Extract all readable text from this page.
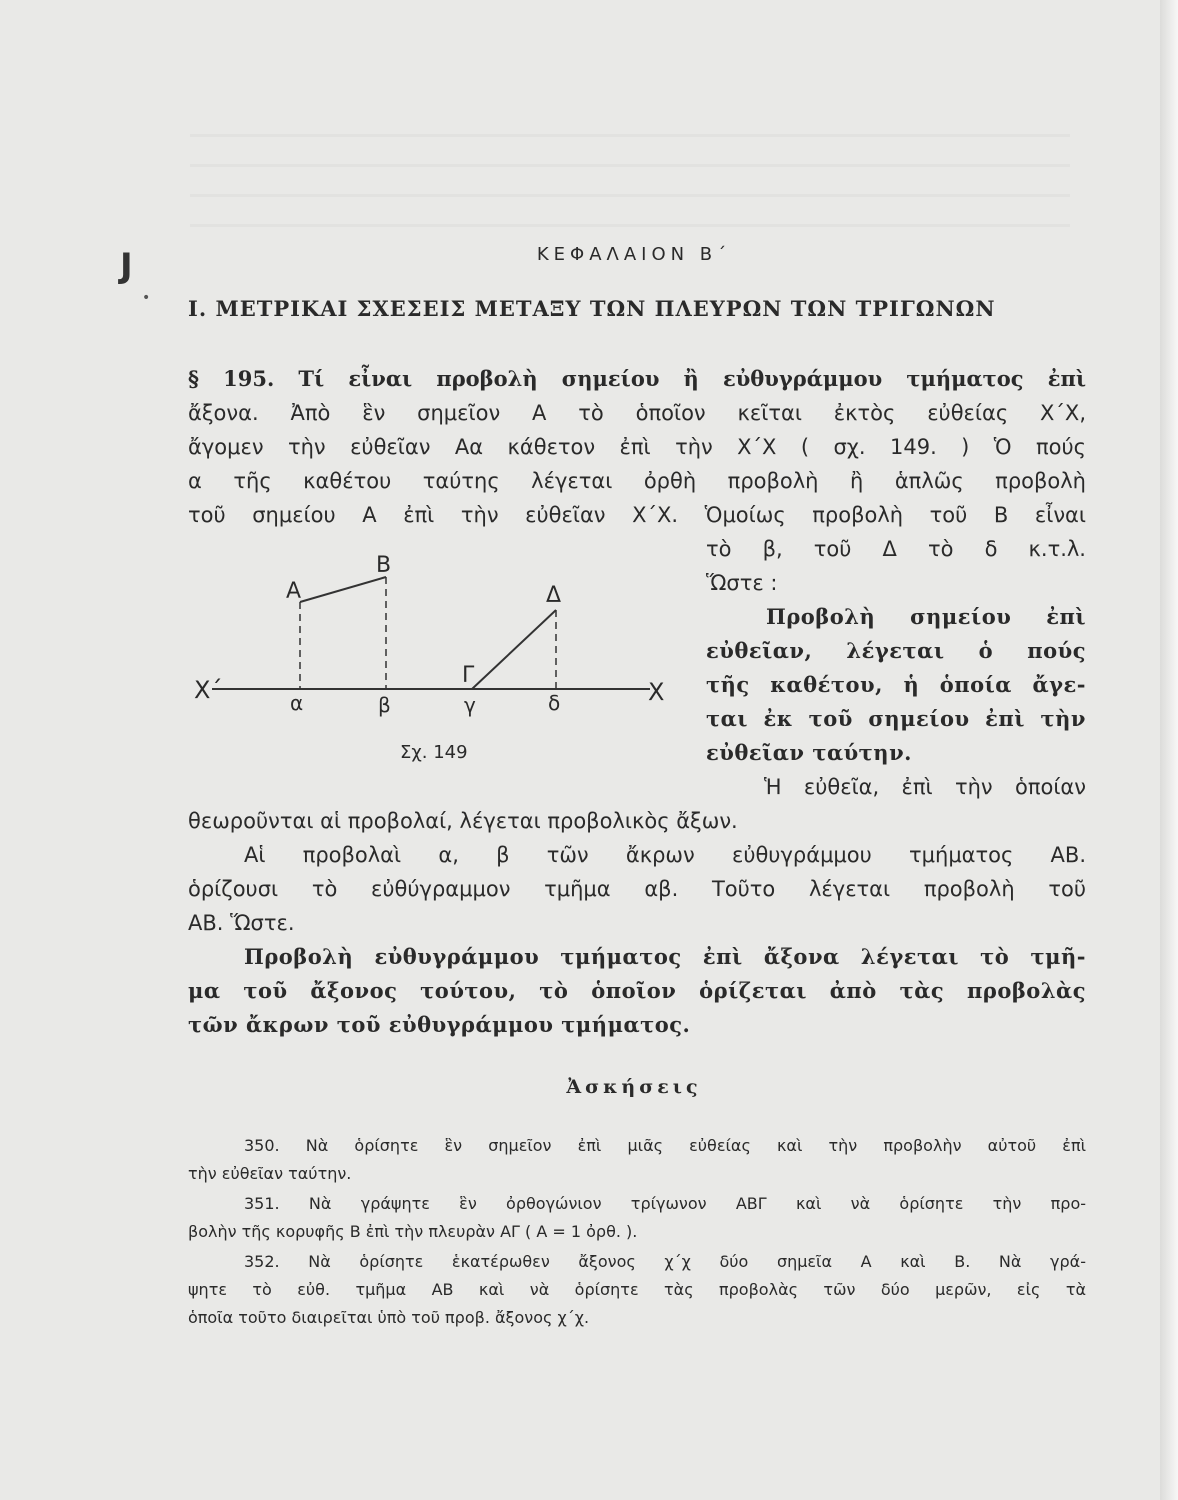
J
•
ΚΕΦΑΛΑΙΟΝ Β΄
I. ΜΕΤΡΙΚΑΙ ΣΧΕΣΕΙΣ ΜΕΤΑΞΥ ΤΩΝ ΠΛΕΥΡΩΝ ΤΩΝ ΤΡΙΓΩΝΩΝ
§ 195. Τί εἶναι προβολὴ σημείου ἢ εὐθυγράμμου τμήματος ἐπὶ
ἄξονα. Ἀπὸ ἓν σημεῖον Α τὸ ὁποῖον κεῖται ἐκτὸς εὐθείας Χ΄Χ,
ἄγομεν τὴν εὐθεῖαν Αα κάθετον ἐπὶ τὴν Χ΄Χ ( σχ. 149. ) Ὁ πούς
α τῆς καθέτου ταύτης λέγεται ὀρθὴ προβολὴ ἢ ἁπλῶς προβολὴ
τοῦ σημείου Α ἐπὶ τὴν εὐθεῖαν Χ΄Χ. Ὁμοίως προβολὴ τοῦ Β εἶναι
τὸ β, τοῦ Δ τὸ δ κ.τ.λ.
Ὥστε :
Προβολὴ σημείου ἐπὶ
εὐθεῖαν, λέγεται ὁ πούς
τῆς καθέτου, ἡ ὁποία ἄγε-
ται ἐκ τοῦ σημείου ἐπὶ τὴν
εὐθεῖαν ταύτην.
Α
Β
Δ
Γ
Χ΄	Χ
α	β	γ	δ
Σχ. 149
Ἡ εὐθεῖα, ἐπὶ τὴν ὁποίαν
θεωροῦνται αἱ προβολαί, λέγεται προβολικὸς ἄξων.
Αἱ προβολαὶ α, β τῶν ἄκρων εὐθυγράμμου τμήματος ΑΒ.
ὁρίζουσι τὸ εὐθύγραμμον τμῆμα αβ. Τοῦτο λέγεται προβολὴ τοῦ
ΑΒ. Ὥστε.
Προβολὴ εὐθυγράμμου τμήματος ἐπὶ ἄξονα λέγεται τὸ τμῆ-
μα τοῦ ἄξονος τούτου, τὸ ὁποῖον ὁρίζεται ἀπὸ τὰς προβολὰς
τῶν ἄκρων τοῦ εὐθυγράμμου τμήματος.
Ἀσκήσεις
350. Νὰ ὁρίσητε ἓν σημεῖον ἐπὶ μιᾶς εὐθείας καὶ τὴν προβολὴν αὐτοῦ ἐπὶ
τὴν εὐθεῖαν ταύτην.
351. Νὰ γράψητε ἓν ὀρθογώνιον τρίγωνον ΑΒΓ καὶ νὰ ὁρίσητε τὴν προ-
βολὴν τῆς κορυφῆς Β ἐπὶ τὴν πλευρὰν ΑΓ ( Α = 1 ὀρθ. ).
352. Νὰ ὁρίσητε ἑκατέρωθεν ἄξονος χ΄χ δύο σημεῖα Α καὶ Β. Νὰ γρά-
ψητε τὸ εὐθ. τμῆμα ΑΒ καὶ νὰ ὁρίσητε τὰς προβολὰς τῶν δύο μερῶν, εἰς τὰ
ὁποῖα τοῦτο διαιρεῖται ὑπὸ τοῦ προβ. ἄξονος χ΄χ.
